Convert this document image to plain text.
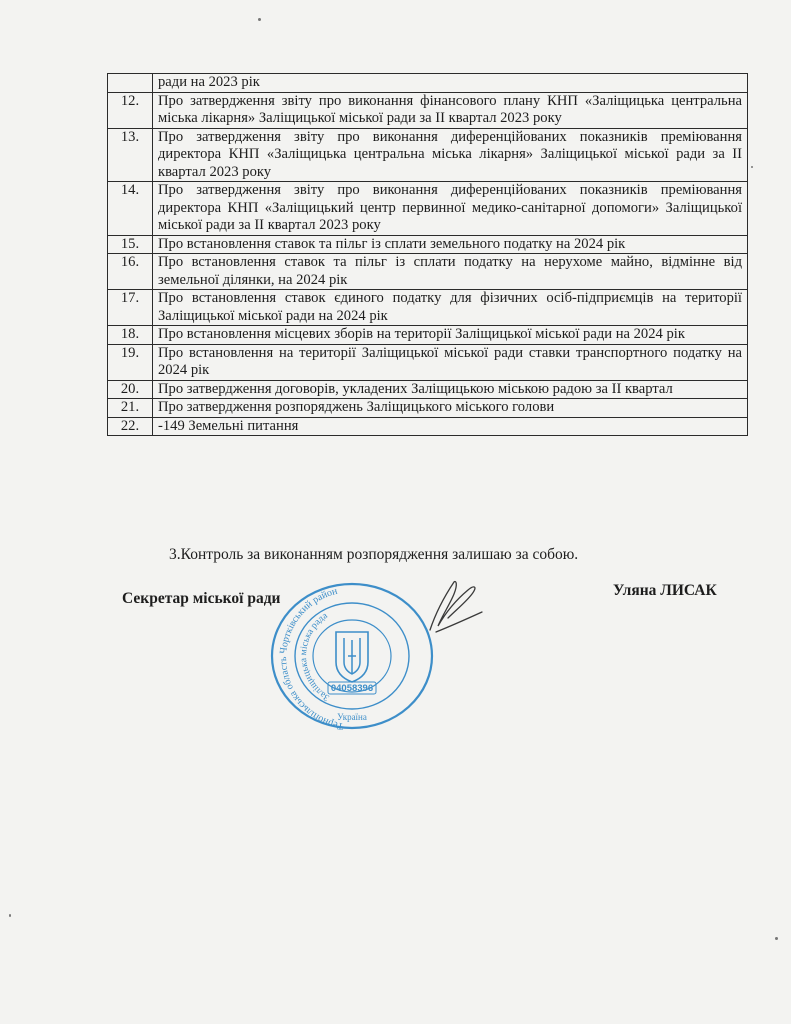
	ради на 2023 рік
12.	Про затвердження звіту про виконання фінансового плану КНП «Заліщицька центральна міська лікарня» Заліщицької міської ради за ІІ квартал 2023 року
13.	Про затвердження звіту про виконання диференційованих показників преміювання директора КНП «Заліщицька центральна міська лікарня» Заліщицької міської ради за ІІ квартал 2023 року
14.	Про затвердження звіту про виконання диференційованих показників преміювання директора КНП «Заліщицький центр первинної медико-санітарної допомоги» Заліщицької міської ради за ІІ квартал 2023 року
15.	Про встановлення ставок та пільг із сплати земельного податку на 2024 рік
16.	Про встановлення ставок та пільг із сплати податку на нерухоме майно, відмінне від земельної ділянки, на 2024 рік
17.	Про встановлення ставок єдиного податку для фізичних осіб-підприємців на території Заліщицької міської ради на 2024 рік
18.	Про встановлення місцевих зборів на території Заліщицької міської ради на 2024 рік
19.	Про встановлення на території Заліщицької міської ради ставки транспортного податку на 2024 рік
20.	Про затвердження договорів, укладених Заліщицькою міською радою за ІІ квартал
21.	Про затвердження розпоряджень Заліщицького міського голови
22.	-149 Земельні питання
3.Контроль за виконанням розпорядження залишаю за собою.
Секретар міської ради	Уляна ЛИСАК
Тернопільська область Чортківський район
Заліщицька міська рада
04058396
Україна
